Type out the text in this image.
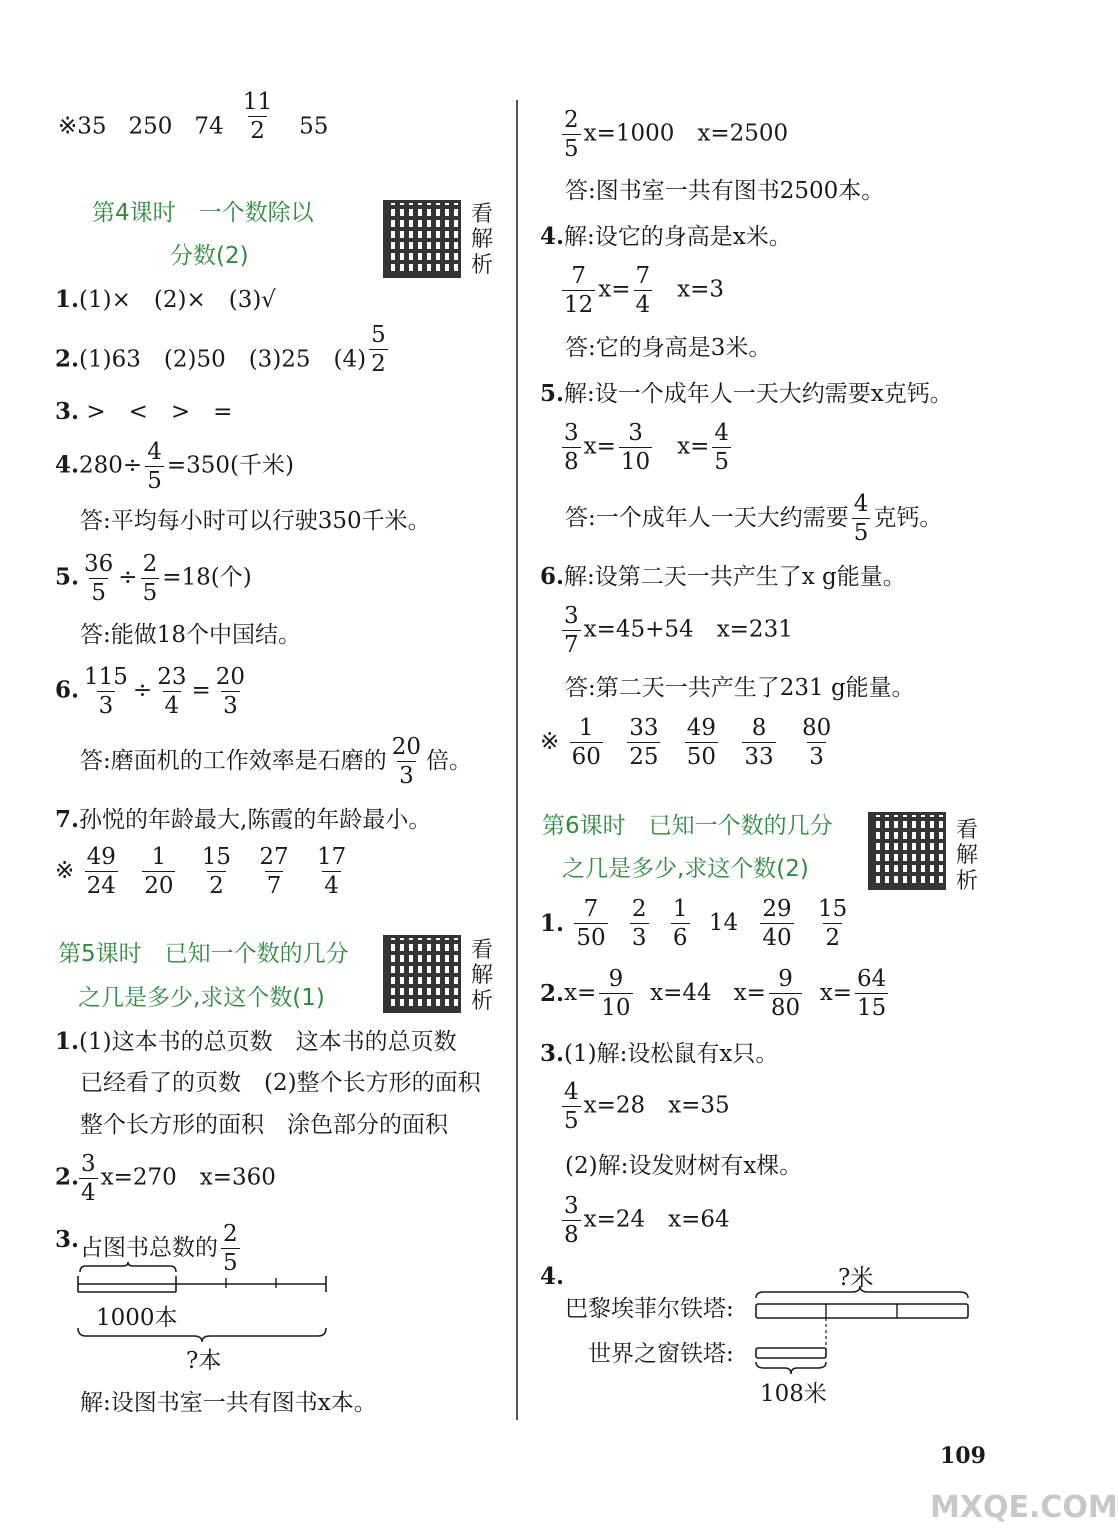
※35 250 $74 \frac{11}{2} 55$
第4课时　一个数除以
分数(2)
看
解
析
1.(1)×　(2)×　(3)√
2.(1)63　(2)50　(3)25　$(4) \frac{5}{2}$
3. >　<　>　=
$4.280\div \frac{4}{5} =350$(千米)
答:平均每小时可以行驶350千米。
5. $\frac{36}{5} \div \frac{2}{5} =18$(个)
答:能做18个中国结。
6. $\frac{115}{3} \div \frac{23}{4} = \frac{20}{3}$
答:磨面机的工作效率是石磨的 $\frac{20}{3}$ 倍。
7.孙悦的年龄最大,陈霞的年龄最小。
※ $\frac{49}{24}$
$\frac{1}{20}$
$\frac{15}{2}$
$\frac{27}{7}$
$\frac{17}{4}$
第5课时　已知一个数的几分
之几是多少,求这个数(1)
看
解
析
1.(1)这本书的总页数　这本书的总页数
已经看了的页数　(2)整个长方形的面积
整个长方形的面积　涂色部分的面积
2. $\frac{3}{4} x=270$　x=360
3. 占图书总数的 $\frac{2}{5}$
1000本
?本
解:设图书室一共有图书x本。
$\frac{2}{5} x=1000$　x=2500
答:图书室一共有图书2500本。
4.解:设它的身高是x米。
$\frac{7}{12} x= \frac{7}{4} x=3$
答:它的身高是3米。
5.解:设一个成年人一天大约需要x克钙。
$\frac{3}{8} x= \frac{3}{10} x= \frac{4}{5}$
答:一个成年人一天大约需要 $\frac{4}{5}$ 克钙。
6.解:设第二天一共产生了x g能量。
$\frac{3}{7} x=45+54$　x=231
答:第二天一共产生了231 g能量。
※ $\frac{1}{60}$
$\frac{33}{25}$
$\frac{49}{50}$
$\frac{8}{33}$
$\frac{80}{3}$
第6课时　已知一个数的几分
之几是多少,求这个数(2)
看
解
析
1. $\frac{7}{50}$
$\frac{2}{3}$
$\frac{1}{6} 14 \frac{29}{40}$
$\frac{15}{2}$
$2.x= \frac{9}{10} x=44$ $x= \frac{9}{80} x= \frac{64}{15}$
3.(1)解:设松鼠有x只。
$\frac{4}{5} x=28$　x=35
(2)解:设发财树有x棵。
$\frac{3}{8} x=24$　x=64
4.	?米
巴黎埃菲尔铁塔:
世界之窗铁塔:
108米
109
MXQE.COM
